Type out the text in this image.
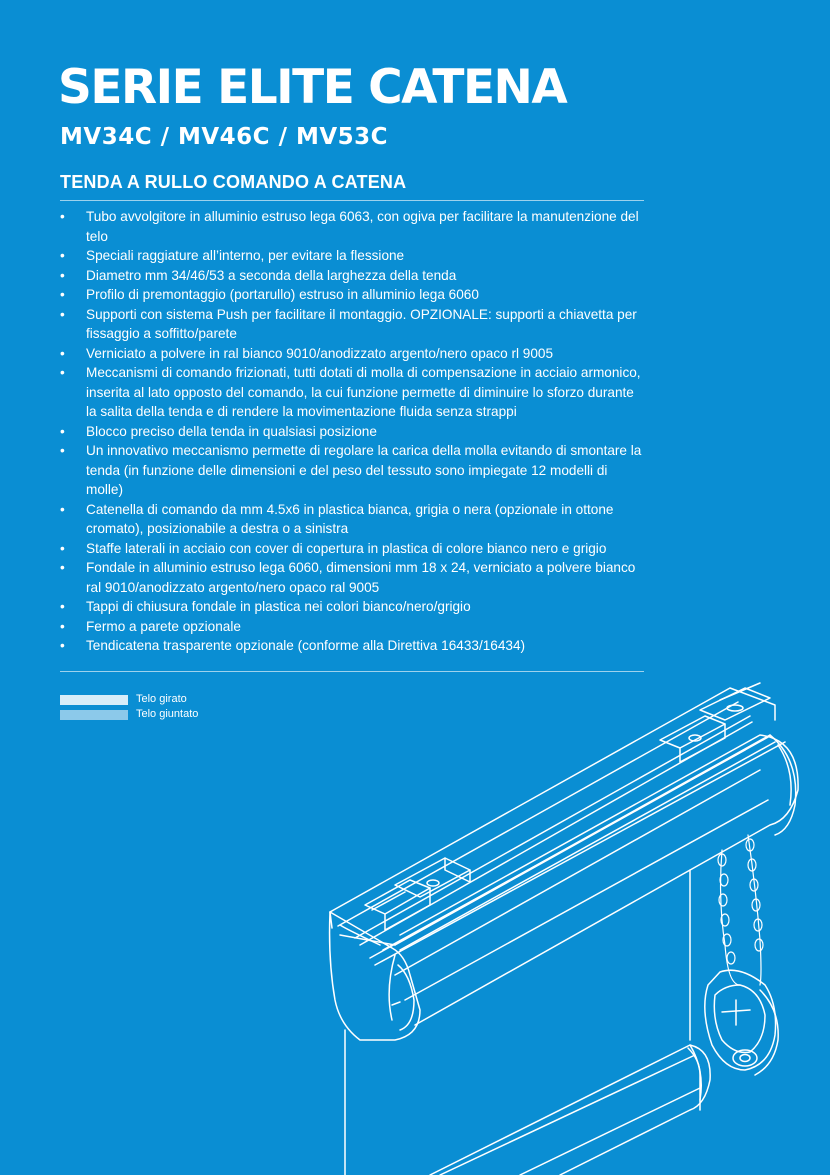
SERIE ELITE CATENA
MV34C / MV46C / MV53C
TENDA A RULLO COMANDO A CATENA
• Tubo avvolgitore in alluminio estruso lega 6063, con ogiva per facilitare la manutenzione del telo
• Speciali raggiature all’interno, per evitare la flessione
• Diametro mm 34/46/53 a seconda della larghezza della tenda
• Profilo di premontaggio (portarullo) estruso in alluminio lega 6060
• Supporti con sistema Push per facilitare il montaggio. OPZIONALE: supporti a chiavetta per fissaggio a soffitto/parete
• Verniciato a polvere in ral bianco 9010/anodizzato argento/nero opaco rl 9005
• Meccanismi di comando frizionati, tutti dotati di molla di compensazione in acciaio armonico, inserita al lato opposto del comando, la cui funzione permette di diminuire lo sforzo durante la salita della tenda e di rendere la movimentazione fluida senza strappi
• Blocco preciso della tenda in qualsiasi posizione
• Un innovativo meccanismo permette di regolare la carica della molla evitando di smontare la tenda (in funzione delle dimensioni e del peso del tessuto sono impiegate 12 modelli di molle)
• Catenella di comando da mm 4.5x6 in plastica bianca, grigia o nera (opzionale in ottone cromato), posizionabile a destra o a sinistra
• Staffe laterali in acciaio con cover di copertura in plastica di colore bianco nero e grigio
• Fondale in alluminio estruso lega 6060, dimensioni mm 18 x 24, verniciato a polvere bianco ral 9010/anodizzato argento/nero opaco ral 9005
• Tappi di chiusura fondale in plastica nei colori bianco/nero/grigio
• Fermo a parete opzionale
• Tendicatena trasparente opzionale (conforme alla Direttiva 16433/16434)
Telo girato
Telo giuntato
